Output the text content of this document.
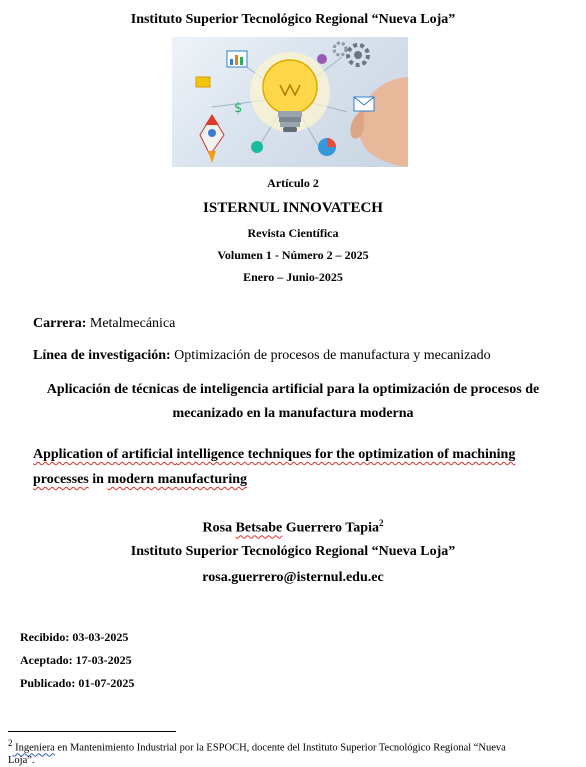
Instituto Superior Tecnológico Regional “Nueva Loja”
$
Artículo 2
ISTERNUL INNOVATECH
Revista Científica
Volumen 1 - Número 2 – 2025
Enero – Junio-2025
Carrera: Metalmecánica
Línea de investigación: Optimización de procesos de manufactura y mecanizado
Aplicación de técnicas de inteligencia artificial para la optimización de procesos de
mecanizado en la manufactura moderna
Application of artificial intelligence techniques for the optimization of machining
processes in modern manufacturing
Rosa Betsabe Guerrero Tapia$^2$
Instituto Superior Tecnológico Regional “Nueva Loja”
rosa.guerrero@isternul.edu.ec
Recibido: 03-03-2025
Aceptado: 17-03-2025
Publicado: 01-07-2025
$^2$ Ingeniera en Mantenimiento Industrial por la ESPOCH, docente del Instituto Superior Tecnológico Regional “Nueva
Loja”.
